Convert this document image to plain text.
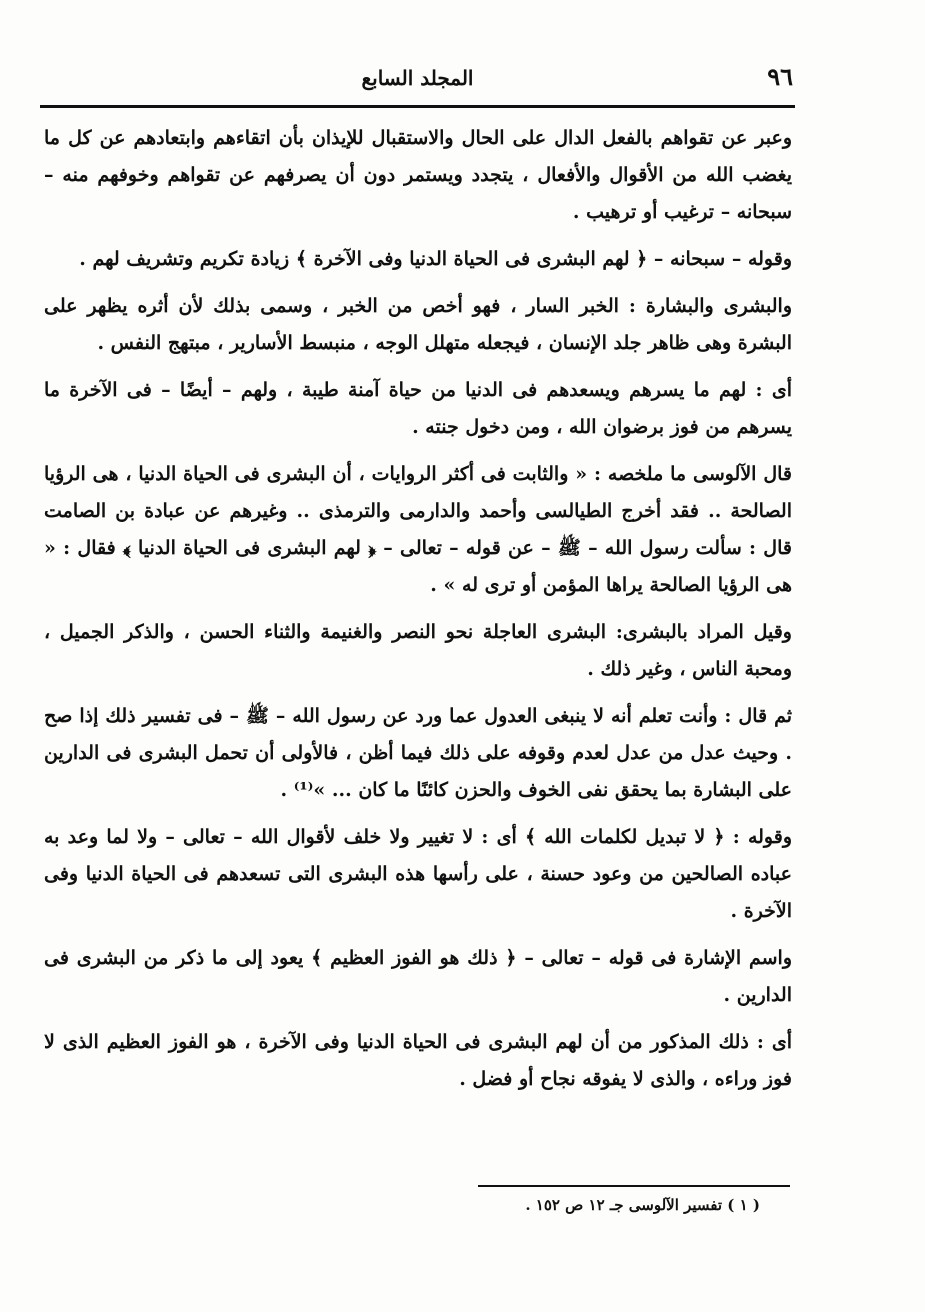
٩٦
المجلد السابع

وعبر عن تقواهم بالفعل الدال على الحال والاستقبال للإيذان بأن اتقاءهم وابتعادهم عن كل ما يغضب الله من الأقوال والأفعال ، يتجدد ويستمر دون أن يصرفهم عن تقواهم وخوفهم منه – سبحانه – ترغيب أو ترهيب .

وقوله – سبحانه – ﴿ لهم البشرى فى الحياة الدنيا وفى الآخرة ﴾ زيادة تكريم وتشريف لهم .

والبشرى والبشارة : الخبر السار ، فهو أخص من الخبر ، وسمى بذلك لأن أثره يظهر على البشرة وهى ظاهر جلد الإنسان ، فيجعله متهلل الوجه ، منبسط الأسارير ، مبتهج النفس .

أى : لهم ما يسرهم ويسعدهم فى الدنيا من حياة آمنة طيبة ، ولهم – أيضًا – فى الآخرة ما يسرهم من فوز برضوان الله ، ومن دخول جنته .

قال الآلوسى ما ملخصه : « والثابت فى أكثر الروايات ، أن البشرى فى الحياة الدنيا ، هى الرؤيا الصالحة .. فقد أخرج الطيالسى وأحمد والدارمى والترمذى .. وغيرهم عن عبادة بن الصامت قال : سألت رسول الله – ﷺ – عن قوله – تعالى – ﴿ لهم البشرى فى الحياة الدنيا ﴾ فقال : « هى الرؤيا الصالحة يراها المؤمن أو ترى له » .

وقيل المراد بالبشرى: البشرى العاجلة نحو النصر والغنيمة والثناء الحسن ، والذكر الجميل ، ومحبة الناس ، وغير ذلك .

ثم قال : وأنت تعلم أنه لا ينبغى العدول عما ورد عن رسول الله – ﷺ – فى تفسير ذلك إذا صح . وحيث عدل من عدل لعدم وقوفه على ذلك فيما أظن ، فالأولى أن تحمل البشرى فى الدارين على البشارة بما يحقق نفى الخوف والحزن كائنًا ما كان ... »⁽¹⁾ .

وقوله : ﴿ لا تبديل لكلمات الله ﴾ أى : لا تغيير ولا خلف لأقوال الله – تعالى – ولا لما وعد به عباده الصالحين من وعود حسنة ، على رأسها هذه البشرى التى تسعدهم فى الحياة الدنيا وفى الآخرة .

واسم الإشارة فى قوله – تعالى – ﴿ ذلك هو الفوز العظيم ﴾ يعود إلى ما ذكر من البشرى فى الدارين .

أى : ذلك المذكور من أن لهم البشرى فى الحياة الدنيا وفى الآخرة ، هو الفوز العظيم الذى لا فوز وراءه ، والذى لا يفوقه نجاح أو فضل .

( ١ ) تفسير الآلوسى جـ ١٢ ص ١٥٢ .
